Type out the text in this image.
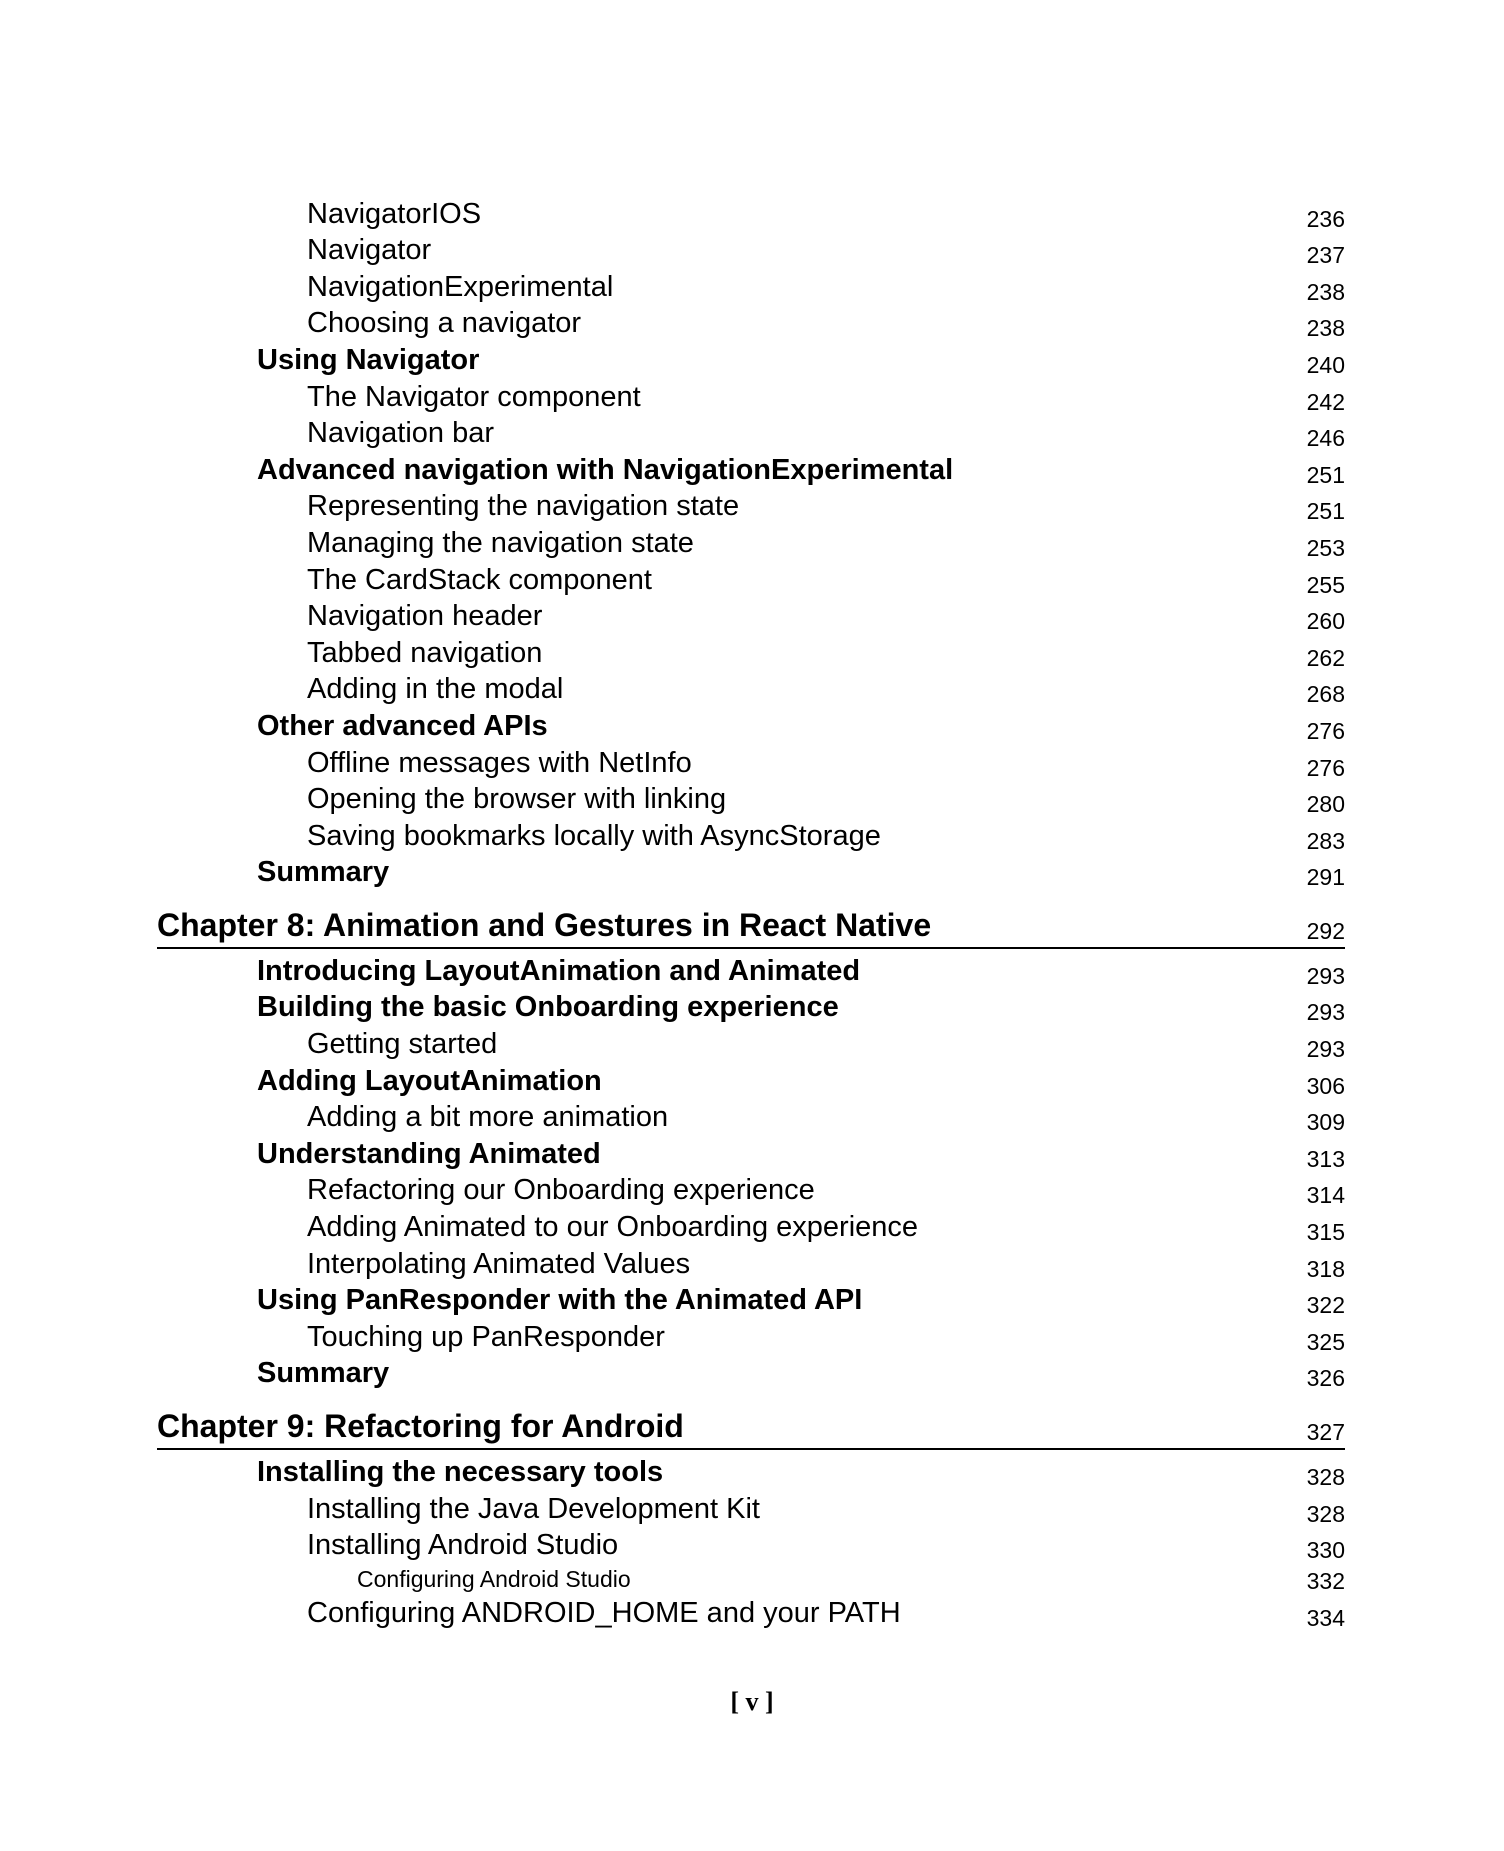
NavigatorIOS	236
Navigator	237
NavigationExperimental	238
Choosing a navigator	238
Using Navigator	240
The Navigator component	242
Navigation bar	246
Advanced navigation with NavigationExperimental	251
Representing the navigation state	251
Managing the navigation state	253
The CardStack component	255
Navigation header	260
Tabbed navigation	262
Adding in the modal	268
Other advanced APIs	276
Offline messages with NetInfo	276
Opening the browser with linking	280
Saving bookmarks locally with AsyncStorage	283
Summary	291
Chapter 8: Animation and Gestures in React Native	292
Introducing LayoutAnimation and Animated	293
Building the basic Onboarding experience	293
Getting started	293
Adding LayoutAnimation	306
Adding a bit more animation	309
Understanding Animated	313
Refactoring our Onboarding experience	314
Adding Animated to our Onboarding experience	315
Interpolating Animated Values	318
Using PanResponder with the Animated API	322
Touching up PanResponder	325
Summary	326
Chapter 9: Refactoring for Android	327
Installing the necessary tools	328
Installing the Java Development Kit	328
Installing Android Studio	330
Configuring Android Studio	332
Configuring ANDROID_HOME and your PATH	334
[ v ]
